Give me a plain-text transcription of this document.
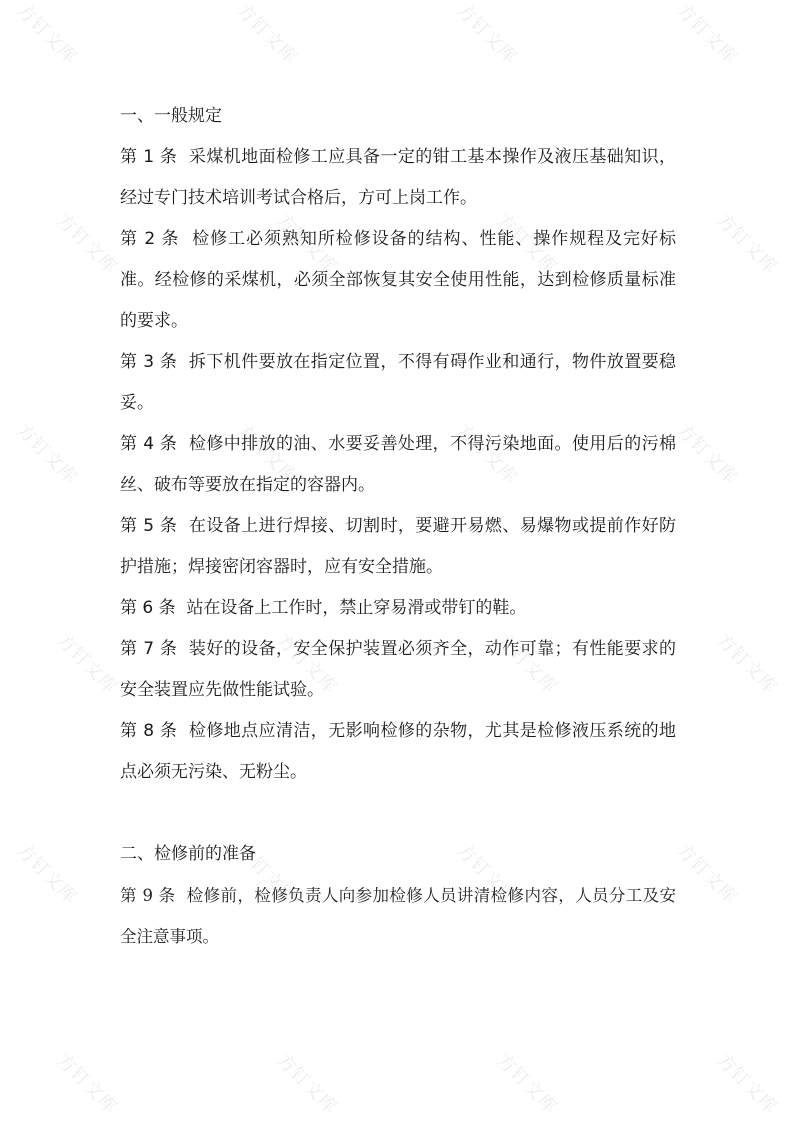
方钉文库	方钉文库	方钉文库	方钉文库
方钉文库	方钉文库	方钉文库	方钉文库
方钉文库	方钉文库	方钉文库	方钉文库
方钉文库	方钉文库	方钉文库	方钉文库
方钉文库	方钉文库	方钉文库	方钉文库
方钉文库	方钉文库	方钉文库	方钉文库
一、一般规定

第 1 条 采煤机地面检修工应具备一定的钳工基本操作及液压基础知识，经过专门技术培训考试合格后，方可上岗工作。

第 2 条 检修工必须熟知所检修设备的结构、性能、操作规程及完好标准。经检修的采煤机，必须全部恢复其安全使用性能，达到检修质量标准的要求。

第 3 条 拆下机件要放在指定位置，不得有碍作业和通行，物件放置要稳妥。

第 4 条 检修中排放的油、水要妥善处理，不得污染地面。使用后的污棉丝、破布等要放在指定的容器内。

第 5 条 在设备上进行焊接、切割时，要避开易燃、易爆物或提前作好防护措施；焊接密闭容器时，应有安全措施。

第 6 条 站在设备上工作时，禁止穿易滑或带钉的鞋。

第 7 条 装好的设备，安全保护装置必须齐全，动作可靠；有性能要求的安全装置应先做性能试验。

第 8 条 检修地点应清洁，无影响检修的杂物，尤其是检修液压系统的地点必须无污染、无粉尘。

二、检修前的准备

第 9 条 检修前，检修负责人向参加检修人员讲清检修内容，人员分工及安全注意事项。
